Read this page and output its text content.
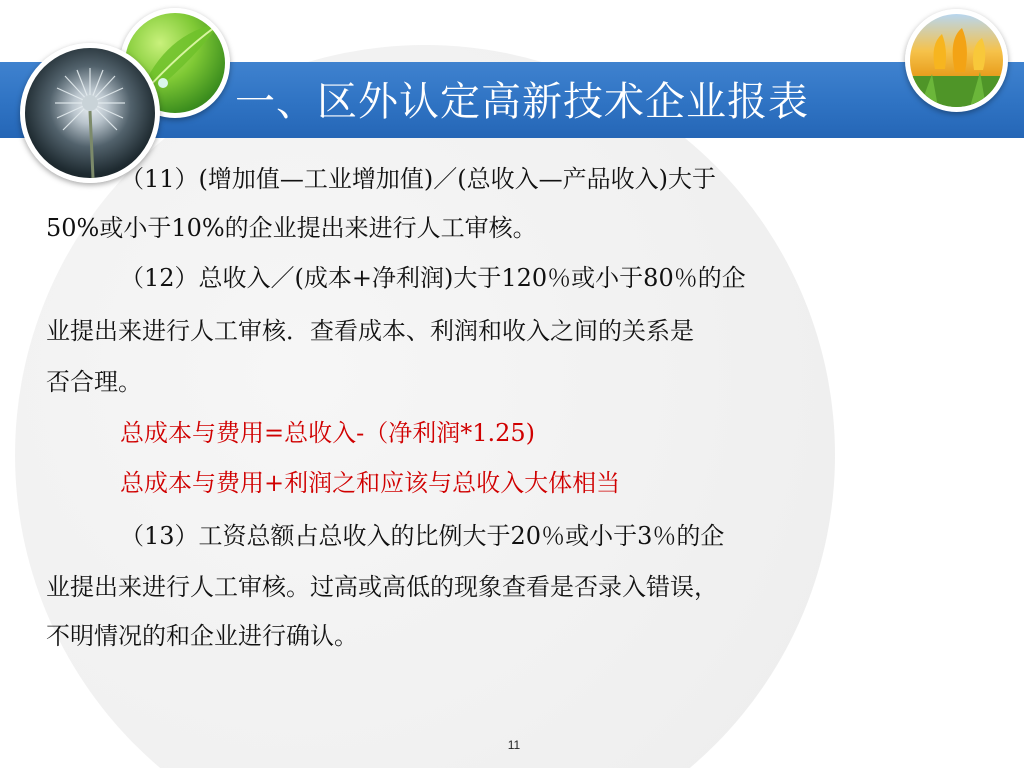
一、区外认定高新技术企业报表
（11）(增加值—工业增加值)／(总收入—产品收入)大于
50%或小于10%的企业提出来进行人工审核。
（12）总收入／(成本+净利润)大于120％或小于80％的企
业提出来进行人工审核．查看成本、利润和收入之间的关系是
否合理。
总成本与费用=总收入-（净利润*1.25)
总成本与费用+利润之和应该与总收入大体相当
（13）工资总额占总收入的比例大于20％或小于3％的企
业提出来进行人工审核。过高或高低的现象查看是否录入错误，
不明情况的和企业进行确认。
11
